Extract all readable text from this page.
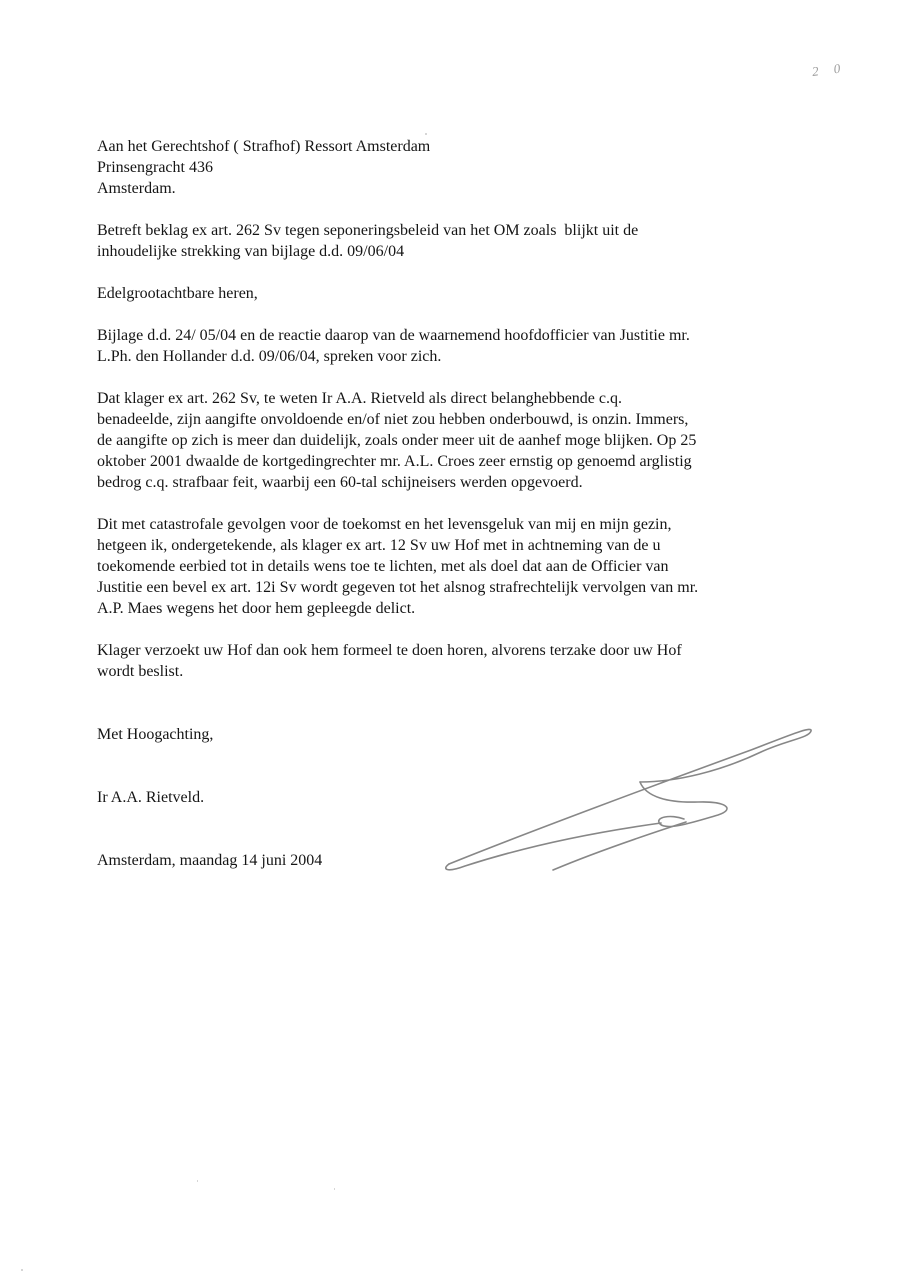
2 0
Aan het Gerechtshof ( Strafhof) Ressort Amsterdam
Prinsengracht 436
Amsterdam.
Betreft beklag ex art. 262 Sv tegen seponeringsbeleid van het OM zoals  blijkt uit de
inhoudelijke strekking van bijlage d.d. 09/06/04
Edelgrootachtbare heren,
Bijlage d.d. 24/ 05/04 en de reactie daarop van de waarnemend hoofdofficier van Justitie mr.
L.Ph. den Hollander d.d. 09/06/04, spreken voor zich.
Dat klager ex art. 262 Sv, te weten Ir A.A. Rietveld als direct belanghebbende c.q.
benadeelde, zijn aangifte onvoldoende en/of niet zou hebben onderbouwd, is onzin. Immers,
de aangifte op zich is meer dan duidelijk, zoals onder meer uit de aanhef moge blijken. Op 25
oktober 2001 dwaalde de kortgedingrechter mr. A.L. Croes zeer ernstig op genoemd arglistig
bedrog c.q. strafbaar feit, waarbij een 60-tal schijneisers werden opgevoerd.
Dit met catastrofale gevolgen voor de toekomst en het levensgeluk van mij en mijn gezin,
hetgeen ik, ondergetekende, als klager ex art. 12 Sv uw Hof met in achtneming van de u
toekomende eerbied tot in details wens toe te lichten, met als doel dat aan de Officier van
Justitie een bevel ex art. 12i Sv wordt gegeven tot het alsnog strafrechtelijk vervolgen van mr.
A.P. Maes wegens het door hem gepleegde delict.
Klager verzoekt uw Hof dan ook hem formeel te doen horen, alvorens terzake door uw Hof
wordt beslist.
Met Hoogachting,
Ir A.A. Rietveld.
Amsterdam, maandag 14 juni 2004
